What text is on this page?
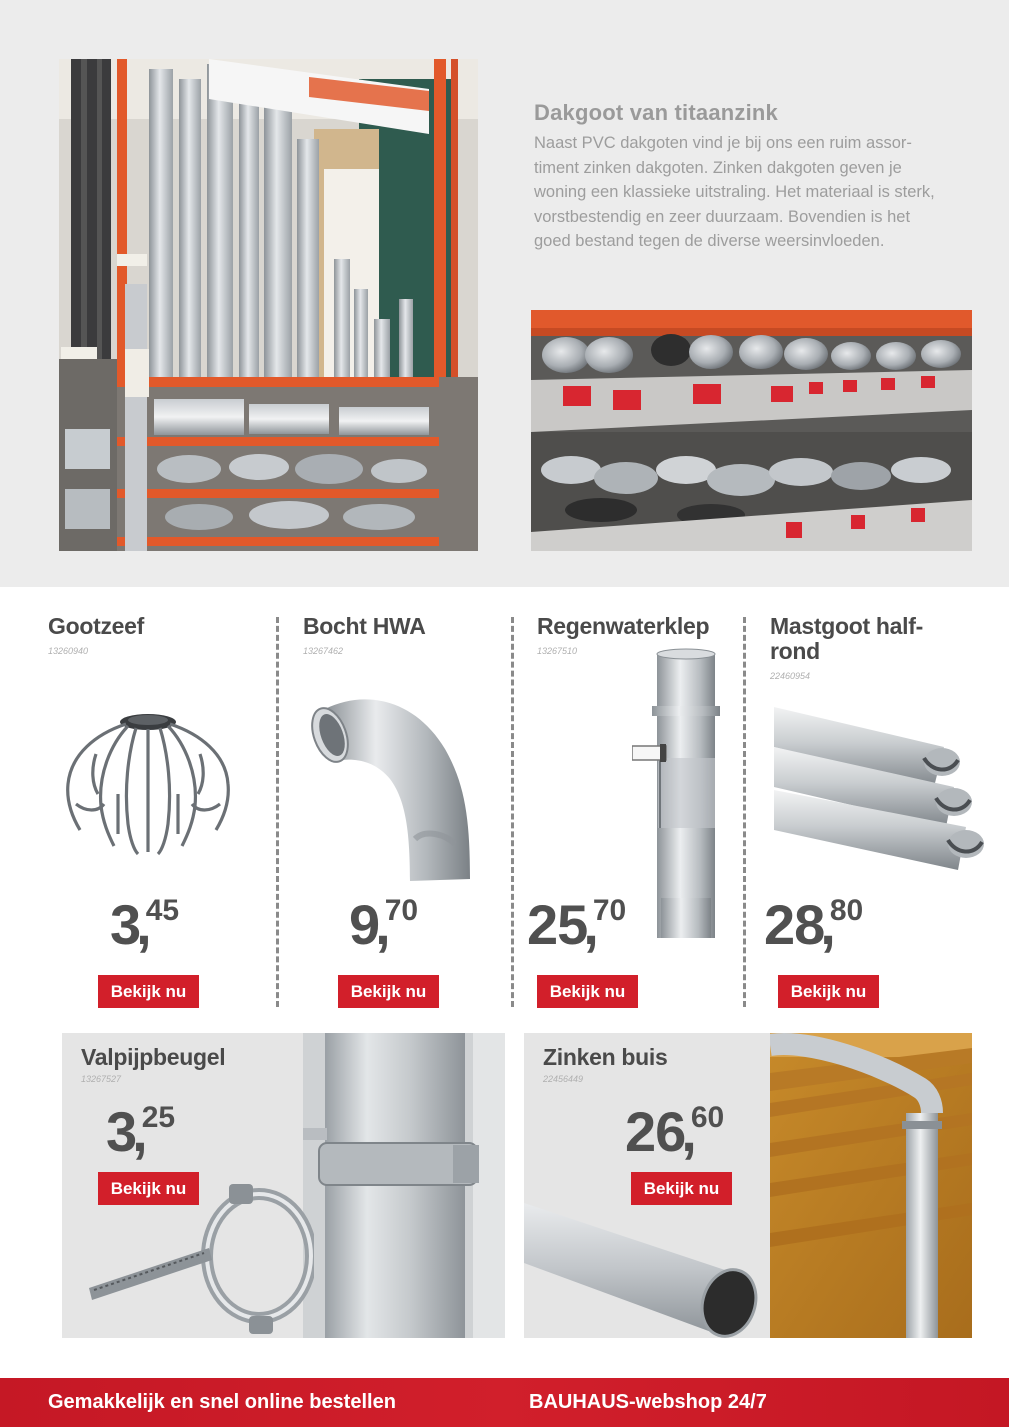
Dakgoot van titaanzink
Naast PVC dakgoten vind je bij ons een ruim assor-
timent zinken dakgoten. Zinken dakgoten geven je
woning een klassieke uitstraling. Het materiaal is sterk,
vorstbestendig en zeer duurzaam. Bovendien is het
goed bestand tegen de diverse weersinvloeden.
Gootzeef
13260940
3,45
Bekijk nu
Bocht HWA
13267462
9,70
Bekijk nu
Regenwaterklep
13267510
25,70
Bekijk nu
Mastgoot half-
rond
22460954
28,80
Bekijk nu
Valpijpbeugel
13267527
3,25
Bekijk nu
Zinken buis
22456449
26,60
Bekijk nu
Gemakkelijk en snel online bestellen	BAUHAUS-webshop 24/7
